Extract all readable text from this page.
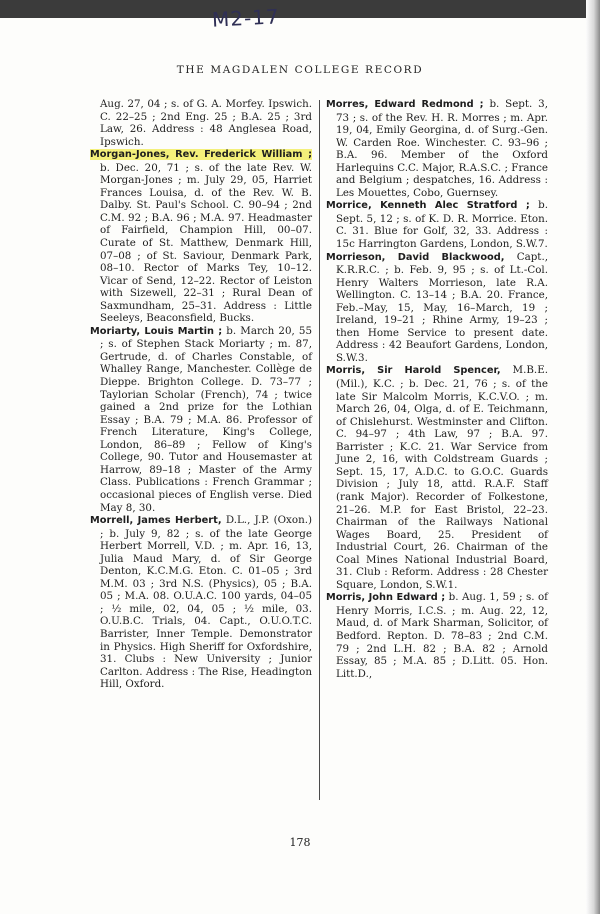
M2-17
THE MAGDALEN COLLEGE RECORD

Aug. 27, 04 ; s. of G. A. Morfey. Ipswich. C. 22–25 ; 2nd Eng. 25 ; B.A. 25 ; 3rd Law, 26. Address : 48 Anglesea Road, Ipswich.

Morgan-Jones, Rev. Frederick William ; b. Dec. 20, 71 ; s. of the late Rev. W. Morgan-Jones ; m. July 29, 05, Harriet Frances Louisa, d. of the Rev. W. B. Dalby. St. Paul's School. C. 90–94 ; 2nd C.M. 92 ; B.A. 96 ; M.A. 97. Headmaster of Fairfield, Champion Hill, 00–07. Curate of St. Matthew, Denmark Hill, 07–08 ; of St. Saviour, Denmark Park, 08–10. Rector of Marks Tey, 10–12. Vicar of Send, 12–22. Rector of Leiston with Sizewell, 22–31 ; Rural Dean of Saxmundham, 25–31. Address : Little Seeleys, Beaconsfield, Bucks.

Moriarty, Louis Martin ; b. March 20, 55 ; s. of Stephen Stack Moriarty ; m. 87, Gertrude, d. of Charles Constable, of Whalley Range, Manchester. Collège de Dieppe. Brighton College. D. 73–77 ; Taylorian Scholar (French), 74 ; twice gained a 2nd prize for the Lothian Essay ; B.A. 79 ; M.A. 86. Professor of French Literature, King's College, London, 86–89 ; Fellow of King's College, 90. Tutor and Housemaster at Harrow, 89–18 ; Master of the Army Class. Publications : French Grammar ; occasional pieces of English verse. Died May 8, 30.

Morrell, James Herbert, D.L., J.P. (Oxon.) ; b. July 9, 82 ; s. of the late George Herbert Morrell, V.D. ; m. Apr. 16, 13, Julia Maud Mary, d. of Sir George Denton, K.C.M.G. Eton. C. 01–05 ; 3rd M.M. 03 ; 3rd N.S. (Physics), 05 ; B.A. 05 ; M.A. 08. O.U.A.C. 100 yards, 04–05 ; ½ mile, 02, 04, 05 ; ½ mile, 03. O.U.B.C. Trials, 04. Capt., O.U.O.T.C. Barrister, Inner Temple. Demonstrator in Physics. High Sheriff for Oxfordshire, 31. Clubs : New University ; Junior Carlton. Address : The Rise, Headington Hill, Oxford.

Morres, Edward Redmond ; b. Sept. 3, 73 ; s. of the Rev. H. R. Morres ; m. Apr. 19, 04, Emily Georgina, d. of Surg.-Gen. W. Carden Roe. Winchester. C. 93–96 ; B.A. 96. Member of the Oxford Harlequins C.C. Major, R.A.S.C. ; France and Belgium ; despatches, 16. Address : Les Mouettes, Cobo, Guernsey.

Morrice, Kenneth Alec Stratford ; b. Sept. 5, 12 ; s. of K. D. R. Morrice. Eton. C. 31. Blue for Golf, 32, 33. Address : 15c Harrington Gardens, London, S.W.7.

Morrieson, David Blackwood, Capt., K.R.R.C. ; b. Feb. 9, 95 ; s. of Lt.-Col. Henry Walters Morrieson, late R.A. Wellington. C. 13–14 ; B.A. 20. France, Feb.–May, 15, May, 16–March, 19 ; Ireland, 19–21 ; Rhine Army, 19–23 ; then Home Service to present date. Address : 42 Beaufort Gardens, London, S.W.3.

Morris, Sir Harold Spencer, M.B.E. (Mil.), K.C. ; b. Dec. 21, 76 ; s. of the late Sir Malcolm Morris, K.C.V.O. ; m. March 26, 04, Olga, d. of E. Teichmann, of Chislehurst. Westminster and Clifton. C. 94–97 ; 4th Law, 97 ; B.A. 97. Barrister ; K.C. 21. War Service from June 2, 16, with Coldstream Guards ; Sept. 15, 17, A.D.C. to G.O.C. Guards Division ; July 18, attd. R.A.F. Staff (rank Major). Recorder of Folkestone, 21–26. M.P. for East Bristol, 22–23. Chairman of the Railways National Wages Board, 25. President of Industrial Court, 26. Chairman of the Coal Mines National Industrial Board, 31. Club : Reform. Address : 28 Chester Square, London, S.W.1.

Morris, John Edward ; b. Aug. 1, 59 ; s. of Henry Morris, I.C.S. ; m. Aug. 22, 12, Maud, d. of Mark Sharman, Solicitor, of Bedford. Repton. D. 78–83 ; 2nd C.M. 79 ; 2nd L.H. 82 ; B.A. 82 ; Arnold Essay, 85 ; M.A. 85 ; D.Litt. 05. Hon. Litt.D.,

178
